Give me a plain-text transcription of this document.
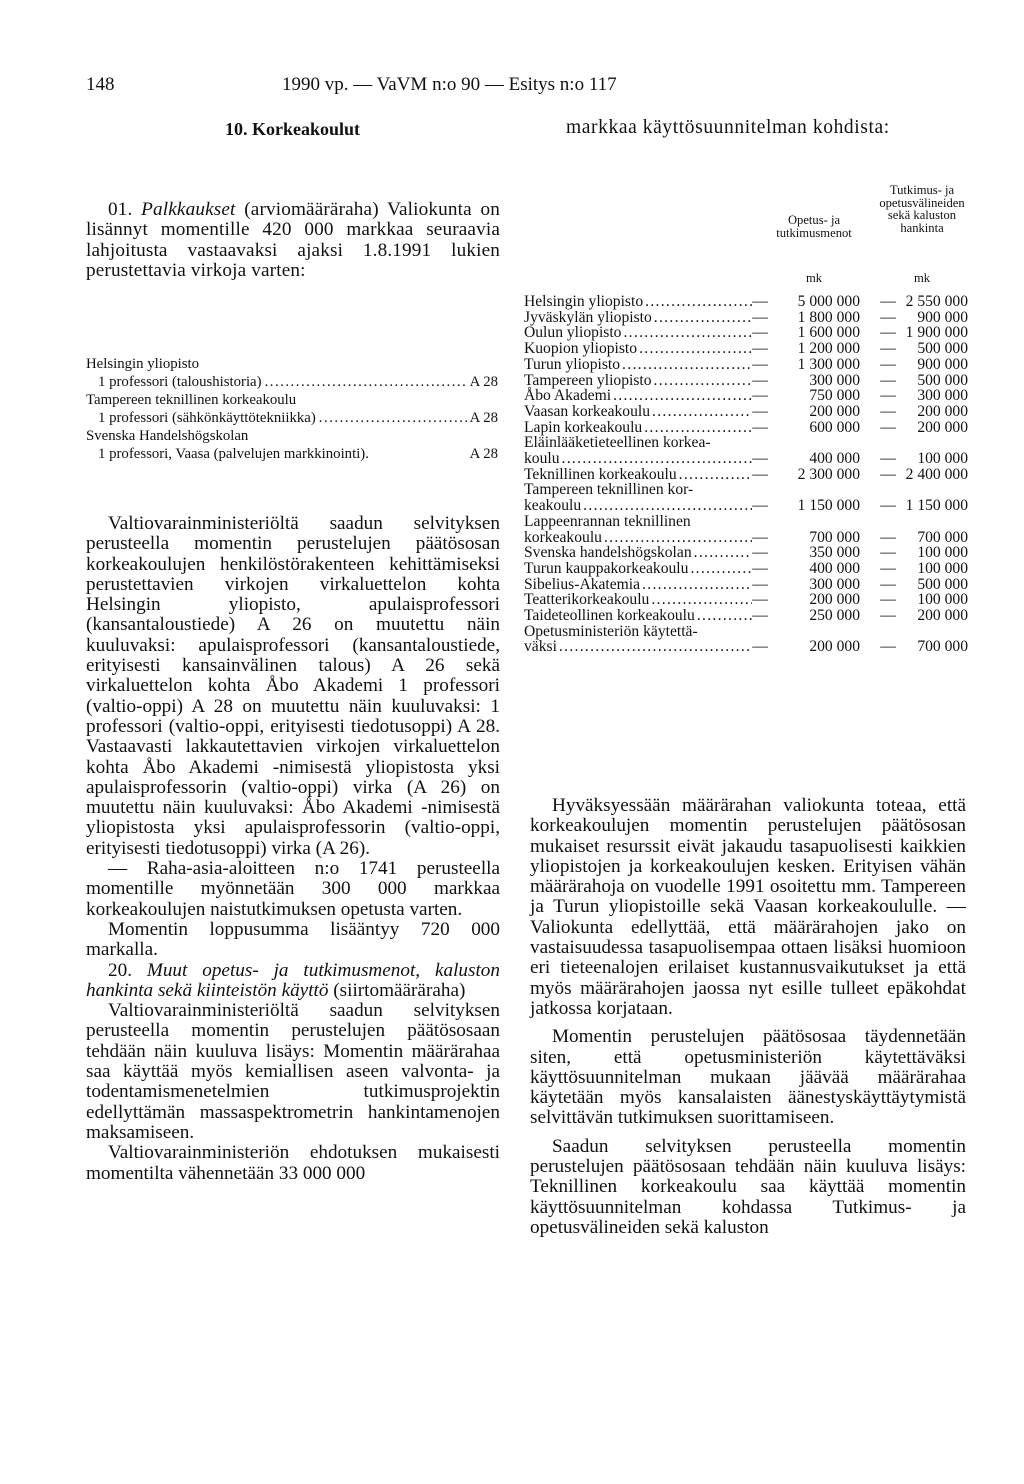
148	1990 vp. — VaVM n:o 90 — Esitys n:o 117
10. Korkeakoulut	markkaa käyttösuunnitelman kohdista:

01. Palkkaukset (arviomääräraha) Valiokunta on lisännyt momentille 420 000 markkaa seuraavia lahjoitusta vastaavaksi ajaksi 1.8.1991 lukien perustettavia virkoja varten:

Helsingin yliopisto
1 professori (taloushistoria) .....	A 28
Tampereen teknillinen korkeakoulu
1 professori (sähkönkäyttötekniikka) .....	A 28
Svenska Handelshögskolan
1 professori, Vaasa (palvelujen markkinointi).	A 28

Valtiovarainministeriöltä saadun selvityksen perusteella momentin perustelujen päätösosan korkeakoulujen henkilöstörakenteen kehittämiseksi perustettavien virkojen virkaluettelon kohta Helsingin yliopisto, apulaisprofessori (kansantaloustiede) A 26 on muutettu näin kuuluvaksi: apulaisprofessori (kansantaloustiede, erityisesti kansainvälinen talous) A 26 sekä virkaluettelon kohta Åbo Akademi 1 professori (valtio-oppi) A 28 on muutettu näin kuuluvaksi: 1 professori (valtio-oppi, erityisesti tiedotusoppi) A 28. Vastaavasti lakkautettavien virkojen virkaluettelon kohta Åbo Akademi -nimisestä yliopistosta yksi apulaisprofessorin (valtio-oppi) virka (A 26) on muutettu näin kuuluvaksi: Åbo Akademi -nimisestä yliopistosta yksi apulaisprofessorin (valtio-oppi, erityisesti tiedotusoppi) virka (A 26).

— Raha-asia-aloitteen n:o 1741 perusteella momentille myönnetään 300 000 markkaa korkeakoulujen naistutkimuksen opetusta varten.

Momentin loppusumma lisääntyy 720 000 markalla.

20. Muut opetus- ja tutkimusmenot, kaluston hankinta sekä kiinteistön käyttö (siirtomääräraha)

Valtiovarainministeriöltä saadun selvityksen perusteella momentin perustelujen päätösosaan tehdään näin kuuluva lisäys: Momentin määrärahaa saa käyttää myös kemiallisen aseen valvonta- ja todentamismenetelmien tutkimusprojektin edellyttämän massaspektrometrin hankintamenojen maksamiseen.

Valtiovarainministeriön ehdotuksen mukaisesti momentilta vähennetään 33 000 000

Opetus- ja tutkimusmenot
Tutkimus- ja opetusvälineiden sekä kaluston hankinta
mk	mk
Helsingin yliopisto .....	—	5 000 000 — 2 550 000
Jyväskylän yliopisto .....	—	1 800 000 —	900 000
Oulun yliopisto .....	—	1 600 000 — 1 900 000
Kuopion yliopisto .....	—	1 200 000 —	500 000
Turun yliopisto .....	—	1 300 000 —	900 000
Tampereen yliopisto .....	—	300 000 —	500 000
Åbo Akademi .....	—	750 000 —	300 000
Vaasan korkeakoulu .....	—	200 000 —	200 000
Lapin korkeakoulu .....	—	600 000 —	200 000
Eläinlääketieteellinen korkea-
koulu .....	—	400 000 —	100 000
Teknillinen korkeakoulu .....	—	2 300 000 — 2 400 000
Tampereen teknillinen kor-
keakoulu .....	—	1 150 000 — 1 150 000
Lappeenrannan teknillinen
korkeakoulu .....	—	700 000 —	700 000
Svenska handelshögskolan .....	—	350 000 —	100 000
Turun kauppakorkeakoulu .....	—	400 000 —	100 000
Sibelius-Akatemia .....	—	300 000 —	500 000
Teatterikorkeakoulu .....	—	200 000 —	100 000
Taideteollinen korkeakoulu .....	—	250 000 —	200 000
Opetusministeriön käytettä-
väksi .....	—	200 000 —	700 000

Hyväksyessään määrärahan valiokunta toteaa, että korkeakoulujen momentin perustelujen päätösosan mukaiset resurssit eivät jakaudu tasapuolisesti kaikkien yliopistojen ja korkeakoulujen kesken. Erityisen vähän määrärahoja on vuodelle 1991 osoitettu mm. Tampereen ja Turun yliopistoille sekä Vaasan korkeakoululle. — Valiokunta edellyttää, että määrärahojen jako on vastaisuudessa tasapuolisempaa ottaen lisäksi huomioon eri tieteenalojen erilaiset kustannusvaikutukset ja että myös määrärahojen jaossa nyt esille tulleet epäkohdat jatkossa korjataan.

Momentin perustelujen päätösosaa täydennetään siten, että opetusministeriön käytettäväksi käyttösuunnitelman mukaan jäävää määrärahaa käytetään myös kansalaisten äänestyskäyttäytymistä selvittävän tutkimuksen suorittamiseen.

Saadun selvityksen perusteella momentin perustelujen päätösosaan tehdään näin kuuluva lisäys: Teknillinen korkeakoulu saa käyttää momentin käyttösuunnitelman kohdassa Tutkimus- ja opetusvälineiden sekä kaluston
